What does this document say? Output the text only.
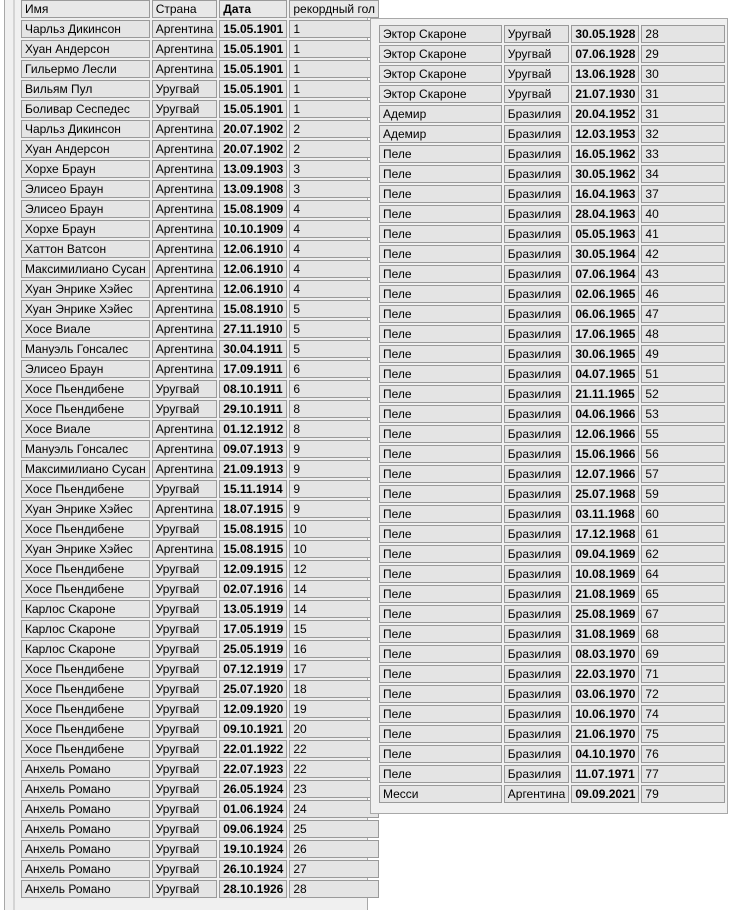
Имя	Страна	Дата	рекордный гол
Чарльз Дикинсон	Аргентина	15.05.1901	1
Хуан Андерсон	Аргентина	15.05.1901	1
Гильермо Лесли	Аргентина	15.05.1901	1
Вильям Пул	Уругвай	15.05.1901	1
Боливар Сеспедес	Уругвай	15.05.1901	1
Чарльз Дикинсон	Аргентина	20.07.1902	2
Хуан Андерсон	Аргентина	20.07.1902	2
Хорхе Браун	Аргентина	13.09.1903	3
Элисео Браун	Аргентина	13.09.1908	3
Элисео Браун	Аргентина	15.08.1909	4
Хорхе Браун	Аргентина	10.10.1909	4
Хаттон Ватсон	Аргентина	12.06.1910	4
Максимилиано Сусан	Аргентина	12.06.1910	4
Хуан Энрике Хэйес	Аргентина	12.06.1910	4
Хуан Энрике Хэйес	Аргентина	15.08.1910	5
Хосе Виале	Аргентина	27.11.1910	5
Мануэль Гонсалес	Аргентина	30.04.1911	5
Элисео Браун	Аргентина	17.09.1911	6
Хосе Пьендибене	Уругвай	08.10.1911	6
Хосе Пьендибене	Уругвай	29.10.1911	8
Хосе Виале	Аргентина	01.12.1912	8
Мануэль Гонсалес	Аргентина	09.07.1913	9
Максимилиано Сусан	Аргентина	21.09.1913	9
Хосе Пьендибене	Уругвай	15.11.1914	9
Хуан Энрике Хэйес	Аргентина	18.07.1915	9
Хосе Пьендибене	Уругвай	15.08.1915	10
Хуан Энрике Хэйес	Аргентина	15.08.1915	10
Хосе Пьендибене	Уругвай	12.09.1915	12
Хосе Пьендибене	Уругвай	02.07.1916	14
Карлос Скароне	Уругвай	13.05.1919	14
Карлос Скароне	Уругвай	17.05.1919	15
Карлос Скароне	Уругвай	25.05.1919	16
Хосе Пьендибене	Уругвай	07.12.1919	17
Хосе Пьендибене	Уругвай	25.07.1920	18
Хосе Пьендибене	Уругвай	12.09.1920	19
Хосе Пьендибене	Уругвай	09.10.1921	20
Хосе Пьендибене	Уругвай	22.01.1922	22
Анхель Романо	Уругвай	22.07.1923	22
Анхель Романо	Уругвай	26.05.1924	23
Анхель Романо	Уругвай	01.06.1924	24
Анхель Романо	Уругвай	09.06.1924	25
Анхель Романо	Уругвай	19.10.1924	26
Анхель Романо	Уругвай	26.10.1924	27
Анхель Романо	Уругвай	28.10.1926	28
Эктор Скароне	Уругвай	30.05.1928	28
Эктор Скароне	Уругвай	07.06.1928	29
Эктор Скароне	Уругвай	13.06.1928	30
Эктор Скароне	Уругвай	21.07.1930	31
Адемир	Бразилия	20.04.1952	31
Адемир	Бразилия	12.03.1953	32
Пеле	Бразилия	16.05.1962	33
Пеле	Бразилия	30.05.1962	34
Пеле	Бразилия	16.04.1963	37
Пеле	Бразилия	28.04.1963	40
Пеле	Бразилия	05.05.1963	41
Пеле	Бразилия	30.05.1964	42
Пеле	Бразилия	07.06.1964	43
Пеле	Бразилия	02.06.1965	46
Пеле	Бразилия	06.06.1965	47
Пеле	Бразилия	17.06.1965	48
Пеле	Бразилия	30.06.1965	49
Пеле	Бразилия	04.07.1965	51
Пеле	Бразилия	21.11.1965	52
Пеле	Бразилия	04.06.1966	53
Пеле	Бразилия	12.06.1966	55
Пеле	Бразилия	15.06.1966	56
Пеле	Бразилия	12.07.1966	57
Пеле	Бразилия	25.07.1968	59
Пеле	Бразилия	03.11.1968	60
Пеле	Бразилия	17.12.1968	61
Пеле	Бразилия	09.04.1969	62
Пеле	Бразилия	10.08.1969	64
Пеле	Бразилия	21.08.1969	65
Пеле	Бразилия	25.08.1969	67
Пеле	Бразилия	31.08.1969	68
Пеле	Бразилия	08.03.1970	69
Пеле	Бразилия	22.03.1970	71
Пеле	Бразилия	03.06.1970	72
Пеле	Бразилия	10.06.1970	74
Пеле	Бразилия	21.06.1970	75
Пеле	Бразилия	04.10.1970	76
Пеле	Бразилия	11.07.1971	77
Месси	Аргентина	09.09.2021	79
